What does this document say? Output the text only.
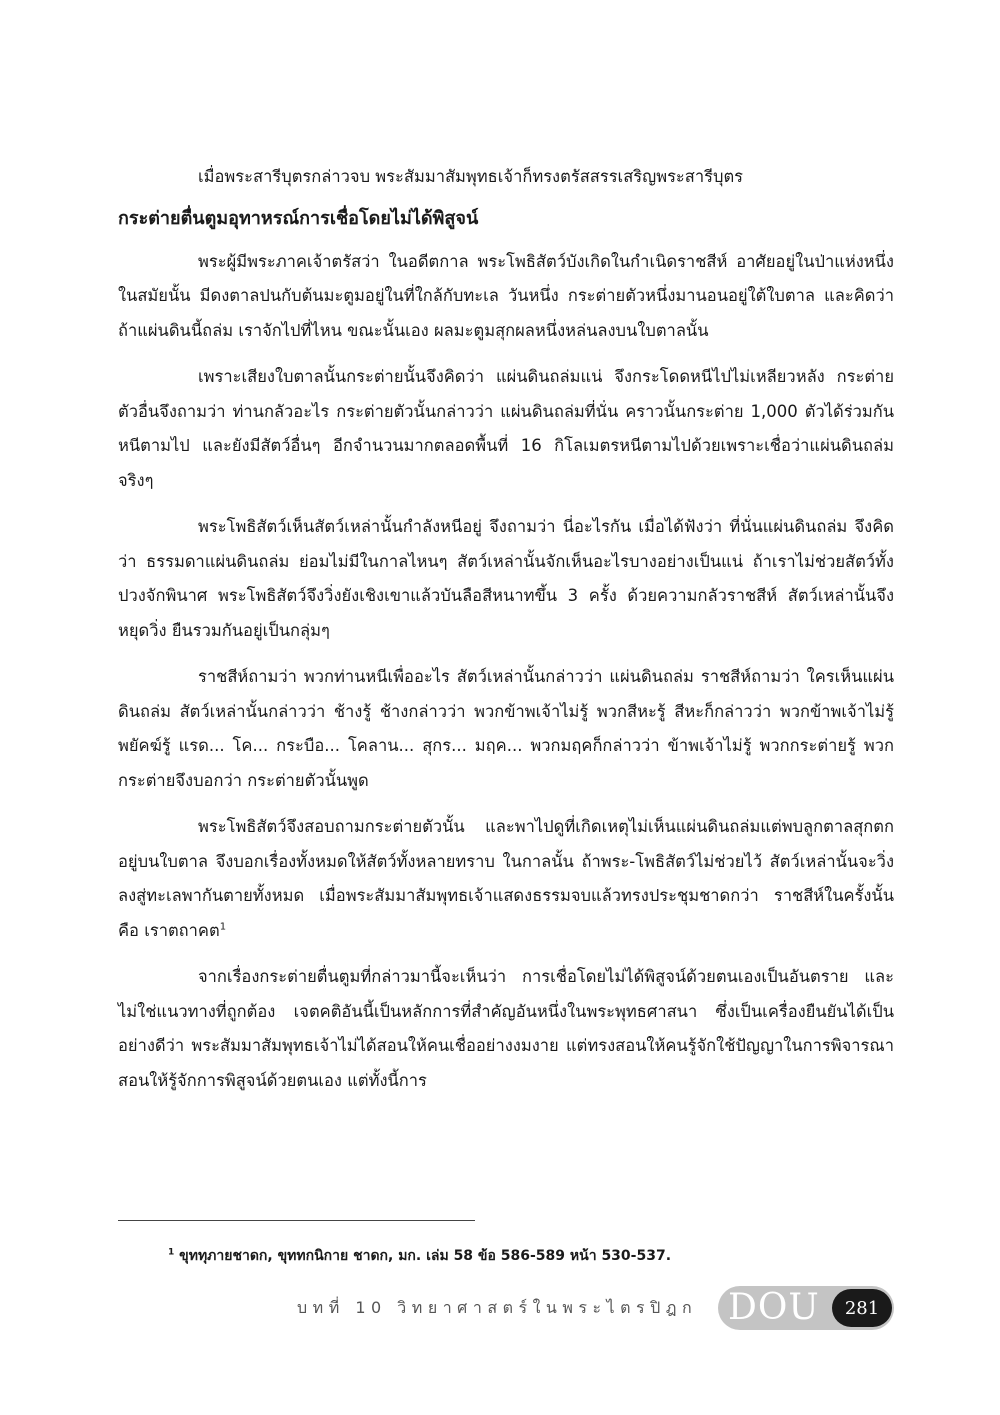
เมื่อพระสารีบุตรกล่าวจบ พระสัมมาสัมพุทธเจ้าก็ทรงตรัสสรรเสริญพระสารีบุตร

กระต่ายตื่นตูมอุทาหรณ์การเชื่อโดยไม่ได้พิสูจน์

พระผู้มีพระภาคเจ้าตรัสว่า ในอดีตกาล พระโพธิสัตว์บังเกิดในกำเนิดราชสีห์ อาศัยอยู่ในป่าแห่งหนึ่ง ในสมัยนั้น มีดงตาลปนกับต้นมะตูมอยู่ในที่ใกล้กับทะเล วันหนึ่ง กระต่ายตัวหนึ่งมานอนอยู่ใต้ใบตาล และคิดว่า ถ้าแผ่นดินนี้ถล่ม เราจักไปที่ไหน ขณะนั้นเอง ผลมะตูมสุกผลหนึ่งหล่นลงบนใบตาลนั้น

เพราะเสียงใบตาลนั้นกระต่ายนั้นจึงคิดว่า แผ่นดินถล่มแน่ จึงกระโดดหนีไปไม่เหลียวหลัง กระต่ายตัวอื่นจึงถามว่า ท่านกลัวอะไร กระต่ายตัวนั้นกล่าวว่า แผ่นดินถล่มที่นั่น คราวนั้นกระต่าย 1,000 ตัวได้ร่วมกันหนีตามไป และยังมีสัตว์อื่นๆ อีกจำนวนมากตลอดพื้นที่ 16 กิโลเมตรหนีตามไปด้วยเพราะเชื่อว่าแผ่นดินถล่มจริงๆ

พระโพธิสัตว์เห็นสัตว์เหล่านั้นกำลังหนีอยู่ จึงถามว่า นี่อะไรกัน เมื่อได้ฟังว่า ที่นั่นแผ่นดินถล่ม จึงคิดว่า ธรรมดาแผ่นดินถล่ม ย่อมไม่มีในกาลไหนๆ สัตว์เหล่านั้นจักเห็นอะไรบางอย่างเป็นแน่ ถ้าเราไม่ช่วยสัตว์ทั้งปวงจักพินาศ พระโพธิสัตว์จึงวิ่งยังเชิงเขาแล้วบันลือสีหนาทขึ้น 3 ครั้ง ด้วยความกลัวราชสีห์ สัตว์เหล่านั้นจึงหยุดวิ่ง ยืนรวมกันอยู่เป็นกลุ่มๆ

ราชสีห์ถามว่า พวกท่านหนีเพื่ออะไร สัตว์เหล่านั้นกล่าวว่า แผ่นดินถล่ม ราชสีห์ถามว่า ใครเห็นแผ่นดินถล่ม สัตว์เหล่านั้นกล่าวว่า ช้างรู้ ช้างกล่าวว่า พวกข้าพเจ้าไม่รู้ พวกสีหะรู้ สีหะก็กล่าวว่า พวกข้าพเจ้าไม่รู้ พยัคฆ์รู้ แรด... โค... กระบือ... โคลาน... สุกร... มฤค... พวกมฤคก็กล่าวว่า ข้าพเจ้าไม่รู้ พวกกระต่ายรู้ พวกกระต่ายจึงบอกว่า กระต่ายตัวนั้นพูด

พระโพธิสัตว์จึงสอบถามกระต่ายตัวนั้น และพาไปดูที่เกิดเหตุไม่เห็นแผ่นดินถล่มแต่พบลูกตาลสุกตกอยู่บนใบตาล จึงบอกเรื่องทั้งหมดให้สัตว์ทั้งหลายทราบ ในกาลนั้น ถ้าพระ-โพธิสัตว์ไม่ช่วยไว้ สัตว์เหล่านั้นจะวิ่งลงสู่ทะเลพากันตายทั้งหมด เมื่อพระสัมมาสัมพุทธเจ้าแสดงธรรมจบแล้วทรงประชุมชาดกว่า ราชสีห์ในครั้งนั้น คือ เราตถาคต$^1$

จากเรื่องกระต่ายตื่นตูมที่กล่าวมานี้จะเห็นว่า การเชื่อโดยไม่ได้พิสูจน์ด้วยตนเองเป็นอันตราย และไม่ใช่แนวทางที่ถูกต้อง เจตคติอันนี้เป็นหลักการที่สำคัญอันหนึ่งในพระพุทธศาสนา ซึ่งเป็นเครื่องยืนยันได้เป็นอย่างดีว่า พระสัมมาสัมพุทธเจ้าไม่ได้สอนให้คนเชื่ออย่างงมงาย แต่ทรงสอนให้คนรู้จักใช้ปัญญาในการพิจารณา สอนให้รู้จักการพิสูจน์ด้วยตนเอง แต่ทั้งนี้การ

$^1$ ขุททุภายชาดก, ขุททกนิกาย ชาดก, มก. เล่ม 58 ข้อ 586-589 หน้า 530-537.
บทที่ 10 วิทยาศาสตร์ในพระไตรปิฎก DOU	281
